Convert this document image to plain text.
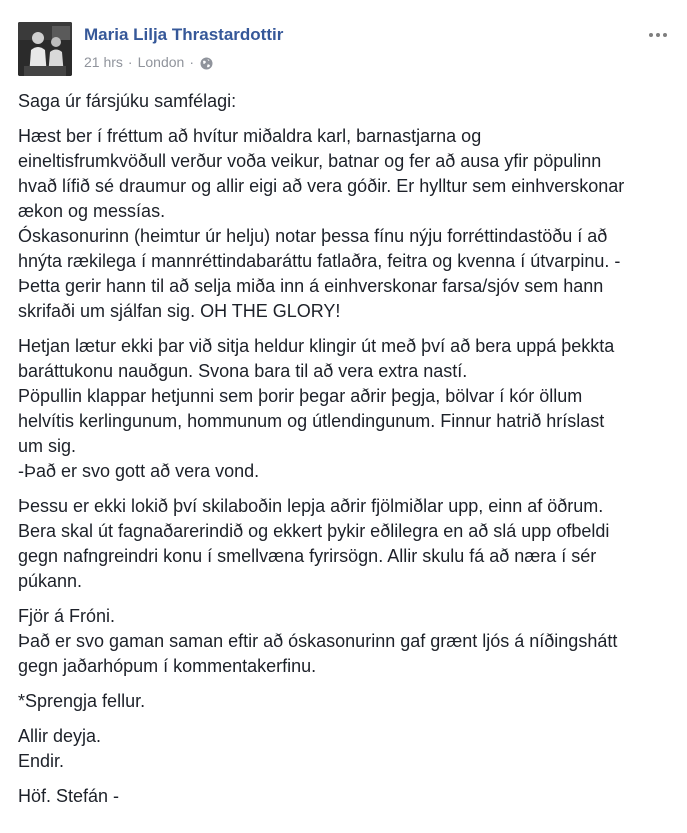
Maria Lilja Thrastardottir
21 hrs · London ·

Saga úr fársjúku samfélagi:

Hæst ber í fréttum að hvítur miðaldra karl, barnastjarna og
eineltisfrumkvöðull verður voða veikur, batnar og fer að ausa yfir pöpulinn
hvað lífið sé draumur og allir eigi að vera góðir. Er hylltur sem einhverskonar
ækon og messías.
Óskasonurinn (heimtur úr helju) notar þessa fínu nýju forréttindastöðu í að
hnýta rækilega í mannréttindabaráttu fatlaðra, feitra og kvenna í útvarpinu. -
Þetta gerir hann til að selja miða inn á einhverskonar farsa/sjóv sem hann
skrifaði um sjálfan sig. OH THE GLORY!

Hetjan lætur ekki þar við sitja heldur klingir út með því að bera uppá þekkta
baráttukonu nauðgun. Svona bara til að vera extra nastí.
Pöpullin klappar hetjunni sem þorir þegar aðrir þegja, bölvar í kór öllum
helvítis kerlingunum, hommunum og útlendingunum. Finnur hatrið hríslast
um sig.
-Það er svo gott að vera vond.

Þessu er ekki lokið því skilaboðin lepja aðrir fjölmiðlar upp, einn af öðrum.
Bera skal út fagnaðarerindið og ekkert þykir eðlilegra en að slá upp ofbeldi
gegn nafngreindri konu í smellvæna fyrirsögn. Allir skulu fá að næra í sér
púkann.

Fjör á Fróni.
Það er svo gaman saman eftir að óskasonurinn gaf grænt ljós á níðingshátt
gegn jaðarhópum í kommentakerfinu.

*Sprengja fellur.

Allir deyja.
Endir.

Höf. Stefán -
